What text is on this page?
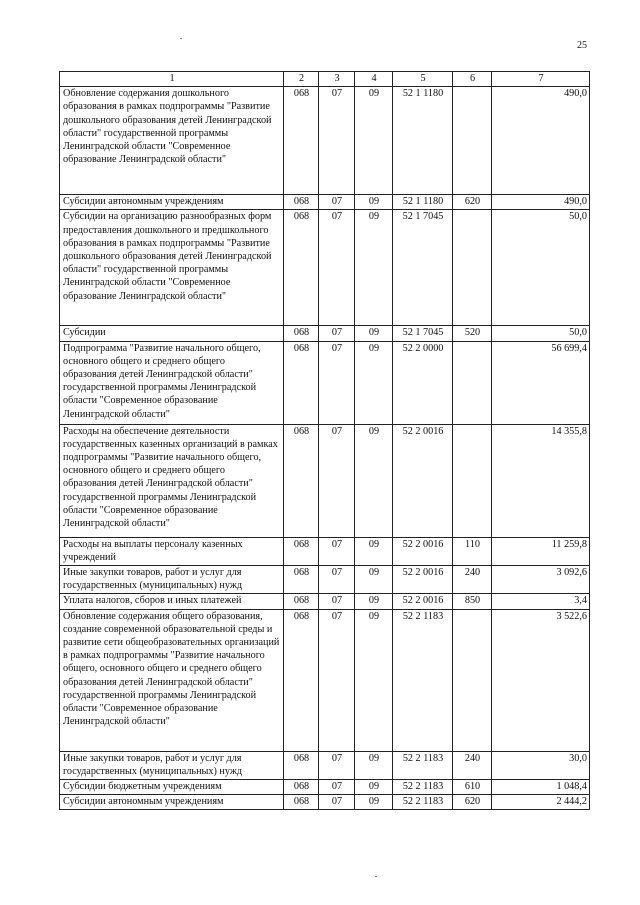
25
1	2	3	4	5	6	7
Обновление содержания дошкольного образования в рамках подпрограммы "Развитие дошкольного образования детей Ленинградской области" государственной программы Ленинградской области "Современное образование Ленинградской области"	068	07	09	52 1 1180		490,0
Субсидии автономным учреждениям	068	07	09	52 1 1180	620	490,0
Субсидии на организацию разнообразных форм предоставления дошкольного и предшкольного образования в рамках подпрограммы "Развитие дошкольного образования детей Ленинградской области" государственной программы Ленинградской области "Современное образование Ленинградской области"	068	07	09	52 1 7045		50,0
Субсидии	068	07	09	52 1 7045	520	50,0
Подпрограмма "Развитие начального общего, основного общего и среднего общего образования детей Ленинградской области" государственной программы Ленинградской области "Современное образование Ленинградской области"	068	07	09	52 2 0000		56 699,4
Расходы на обеспечение деятельности государственных казенных организаций в рамках подпрограммы "Развитие начального общего, основного общего и среднего общего образования детей Ленинградской области" государственной программы Ленинградской области "Современное образование Ленинградской области"	068	07	09	52 2 0016		14 355,8
Расходы на выплаты персоналу казенных учреждений	068	07	09	52 2 0016	110	11 259,8
Иные закупки товаров, работ и услуг для государственных (муниципальных) нужд	068	07	09	52 2 0016	240	3 092,6
Уплата налогов, сборов и иных платежей	068	07	09	52 2 0016	850	3,4
Обновление содержания общего образования, создание современной образовательной среды и развитие сети общеобразовательных организаций в рамках подпрограммы "Развитие начального общего, основного общего и среднего общего образования детей Ленинградской области" государственной программы Ленинградской области "Современное образование Ленинградской области"	068	07	09	52 2 1183		3 522,6
Иные закупки товаров, работ и услуг для государственных (муниципальных) нужд	068	07	09	52 2 1183	240	30,0
Субсидии бюджетным учреждениям	068	07	09	52 2 1183	610	1 048,4
Субсидии автономным учреждениям	068	07	09	52 2 1183	620	2 444,2
